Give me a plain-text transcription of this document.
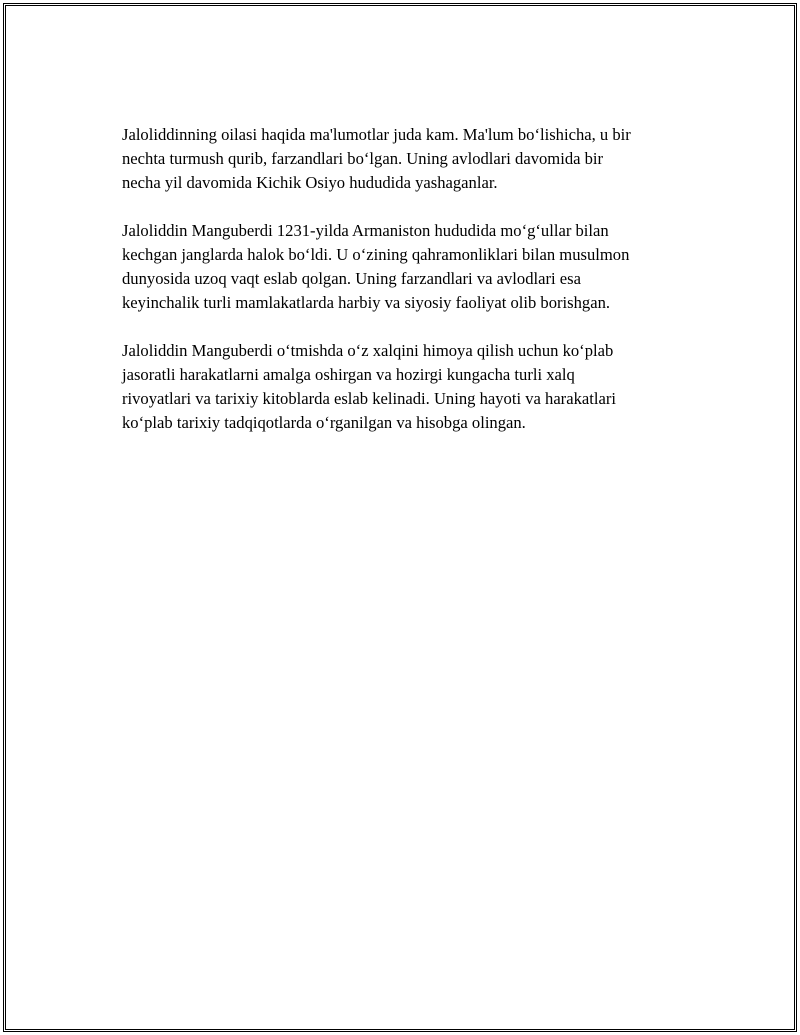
Jaloliddinning oilasi haqida ma'lumotlar juda kam. Ma'lum bo‘lishicha, u bir
nechta turmush qurib, farzandlari bo‘lgan. Uning avlodlari davomida bir
necha yil davomida Kichik Osiyo hududida yashaganlar.

Jaloliddin Manguberdi 1231-yilda Armaniston hududida mo‘g‘ullar bilan
kechgan janglarda halok bo‘ldi. U o‘zining qahramonliklari bilan musulmon
dunyosida uzoq vaqt eslab qolgan. Uning farzandlari va avlodlari esa
keyinchalik turli mamlakatlarda harbiy va siyosiy faoliyat olib borishgan.

Jaloliddin Manguberdi o‘tmishda o‘z xalqini himoya qilish uchun ko‘plab
jasoratli harakatlarni amalga oshirgan va hozirgi kungacha turli xalq
rivoyatlari va tarixiy kitoblarda eslab kelinadi. Uning hayoti va harakatlari
ko‘plab tarixiy tadqiqotlarda o‘rganilgan va hisobga olingan.
